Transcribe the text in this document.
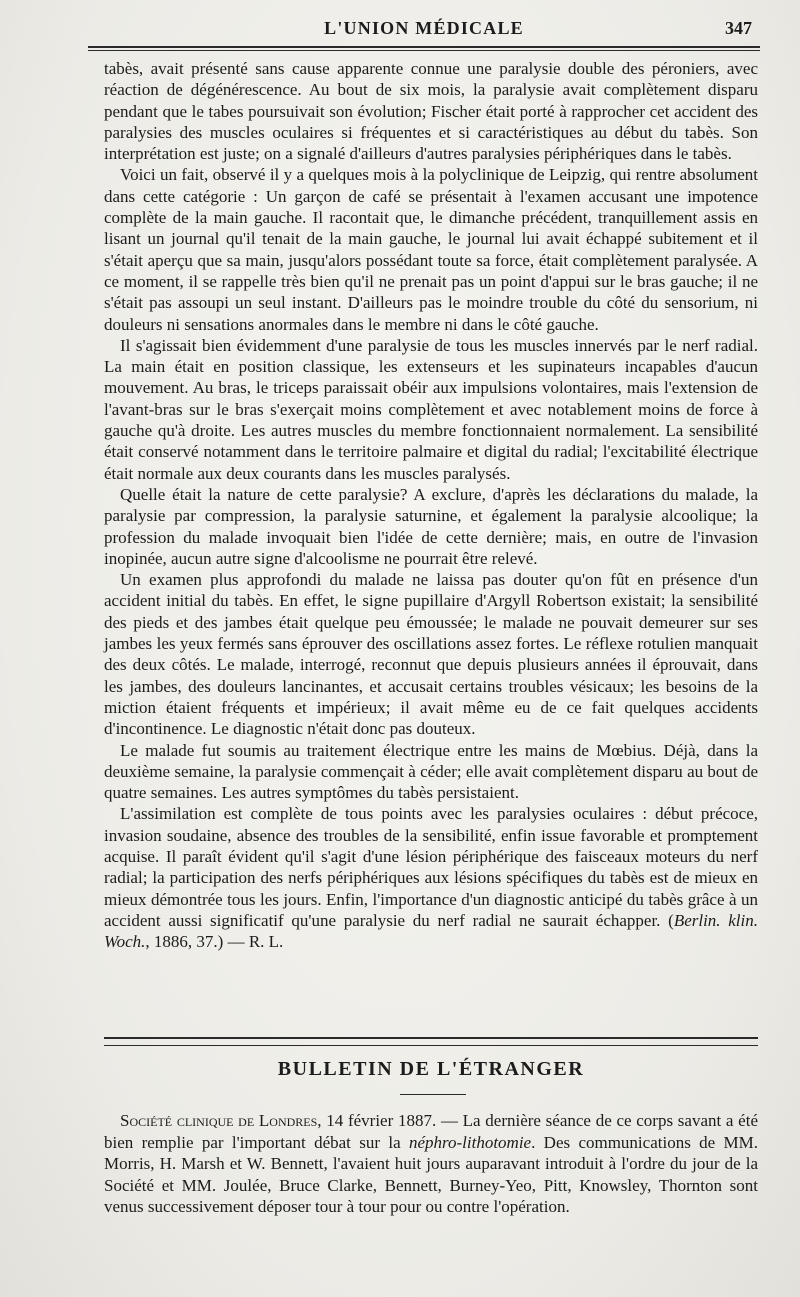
L'UNION MÉDICALE	347

tabès, avait présenté sans cause apparente connue une paralysie double des péroniers, avec réaction de dégénérescence. Au bout de six mois, la paralysie avait complètement disparu pendant que le tabes poursuivait son évolution; Fischer était porté à rapprocher cet accident des paralysies des muscles oculaires si fréquentes et si caractéristiques au début du tabès. Son interprétation est juste; on a signalé d'ailleurs d'autres paralysies périphériques dans le tabès.

Voici un fait, observé il y a quelques mois à la polyclinique de Leipzig, qui rentre absolument dans cette catégorie : Un garçon de café se présentait à l'examen accusant une impotence complète de la main gauche. Il racontait que, le dimanche précédent, tranquillement assis en lisant un journal qu'il tenait de la main gauche, le journal lui avait échappé subitement et il s'était aperçu que sa main, jusqu'alors possédant toute sa force, était complètement paralysée. A ce moment, il se rappelle très bien qu'il ne prenait pas un point d'appui sur le bras gauche; il ne s'était pas assoupi un seul instant. D'ailleurs pas le moindre trouble du côté du sensorium, ni douleurs ni sensations anormales dans le membre ni dans le côté gauche.

Il s'agissait bien évidemment d'une paralysie de tous les muscles innervés par le nerf radial. La main était en position classique, les extenseurs et les supinateurs incapables d'aucun mouvement. Au bras, le triceps paraissait obéir aux impulsions volontaires, mais l'extension de l'avant-bras sur le bras s'exerçait moins complètement et avec notablement moins de force à gauche qu'à droite. Les autres muscles du membre fonctionnaient normalement. La sensibilité était conservé notamment dans le territoire palmaire et digital du radial; l'excitabilité électrique était normale aux deux courants dans les muscles paralysés.

Quelle était la nature de cette paralysie? A exclure, d'après les déclarations du malade, la paralysie par compression, la paralysie saturnine, et également la paralysie alcoolique; la profession du malade invoquait bien l'idée de cette dernière; mais, en outre de l'invasion inopinée, aucun autre signe d'alcoolisme ne pourrait être relevé.

Un examen plus approfondi du malade ne laissa pas douter qu'on fût en présence d'un accident initial du tabès. En effet, le signe pupillaire d'Argyll Robertson existait; la sensibilité des pieds et des jambes était quelque peu émoussée; le malade ne pouvait demeurer sur ses jambes les yeux fermés sans éprouver des oscillations assez fortes. Le réflexe rotulien manquait des deux côtés. Le malade, interrogé, reconnut que depuis plusieurs années il éprouvait, dans les jambes, des douleurs lancinantes, et accusait certains troubles vésicaux; les besoins de la miction étaient fréquents et impérieux; il avait même eu de ce fait quelques accidents d'incontinence. Le diagnostic n'était donc pas douteux.

Le malade fut soumis au traitement électrique entre les mains de Mœbius. Déjà, dans la deuxième semaine, la paralysie commençait à céder; elle avait complètement disparu au bout de quatre semaines. Les autres symptômes du tabès persistaient.

L'assimilation est complète de tous points avec les paralysies oculaires : début précoce, invasion soudaine, absence des troubles de la sensibilité, enfin issue favorable et promptement acquise. Il paraît évident qu'il s'agit d'une lésion périphérique des faisceaux moteurs du nerf radial; la participation des nerfs périphériques aux lésions spécifiques du tabès est de mieux en mieux démontrée tous les jours. Enfin, l'importance d'un diagnostic anticipé du tabès grâce à un accident aussi significatif qu'une paralysie du nerf radial ne saurait échapper. (Berlin. klin. Woch., 1886, 37.) — R. L.

BULLETIN DE L'ÉTRANGER

Société clinique de Londres, 14 février 1887. — La dernière séance de ce corps savant a été bien remplie par l'important débat sur la néphro-lithotomie. Des communications de MM. Morris, H. Marsh et W. Bennett, l'avaient huit jours auparavant introduit à l'ordre du jour de la Société et MM. Joulée, Bruce Clarke, Bennett, Burney-Yeo, Pitt, Knowsley, Thornton sont venus successivement déposer tour à tour pour ou contre l'opération.
